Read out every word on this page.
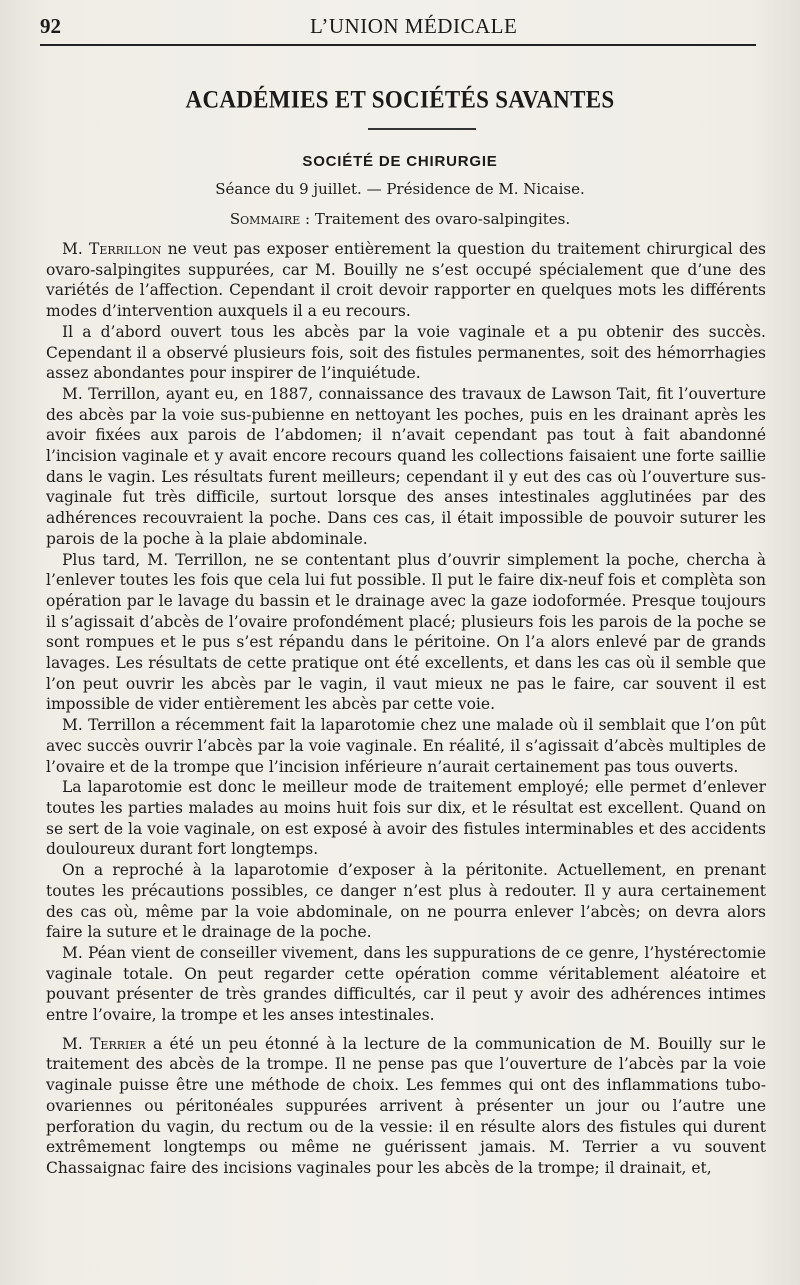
92	L’UNION MÉDICALE
ACADÉMIES ET SOCIÉTÉS SAVANTES
SOCIÉTÉ DE CHIRURGIE
Séance du 9 juillet. — Présidence de M. Nicaise.
Sommaire : Traitement des ovaro-salpingites.

M. Terrillon ne veut pas exposer entièrement la question du traitement chirurgical des ovaro-salpingites suppurées, car M. Bouilly ne s’est occupé spécialement que d’une des variétés de l’affection. Cependant il croit devoir rapporter en quelques mots les différents modes d’intervention auxquels il a eu recours.

Il a d’abord ouvert tous les abcès par la voie vaginale et a pu obtenir des succès. Cependant il a observé plusieurs fois, soit des fistules permanentes, soit des hémorrhagies assez abondantes pour inspirer de l’inquiétude.

M. Terrillon, ayant eu, en 1887, connaissance des travaux de Lawson Tait, fit l’ouverture des abcès par la voie sus-pubienne en nettoyant les poches, puis en les drainant après les avoir fixées aux parois de l’abdomen; il n’avait cependant pas tout à fait abandonné l’incision vaginale et y avait encore recours quand les collections faisaient une forte saillie dans le vagin. Les résultats furent meilleurs; cependant il y eut des cas où l’ouverture sus-vaginale fut très difficile, surtout lorsque des anses intestinales agglutinées par des adhérences recouvraient la poche. Dans ces cas, il était impossible de pouvoir suturer les parois de la poche à la plaie abdominale.

Plus tard, M. Terrillon, ne se contentant plus d’ouvrir simplement la poche, chercha à l’enlever toutes les fois que cela lui fut possible. Il put le faire dix-neuf fois et complèta son opération par le lavage du bassin et le drainage avec la gaze iodoformée. Presque toujours il s’agissait d’abcès de l’ovaire profondément placé; plusieurs fois les parois de la poche se sont rompues et le pus s’est répandu dans le péritoine. On l’a alors enlevé par de grands lavages. Les résultats de cette pratique ont été excellents, et dans les cas où il semble que l’on peut ouvrir les abcès par le vagin, il vaut mieux ne pas le faire, car souvent il est impossible de vider entièrement les abcès par cette voie.

M. Terrillon a récemment fait la laparotomie chez une malade où il semblait que l’on pût avec succès ouvrir l’abcès par la voie vaginale. En réalité, il s’agissait d’abcès multiples de l’ovaire et de la trompe que l’incision inférieure n’aurait certainement pas tous ouverts.

La laparotomie est donc le meilleur mode de traitement employé; elle permet d’enlever toutes les parties malades au moins huit fois sur dix, et le résultat est excellent. Quand on se sert de la voie vaginale, on est exposé à avoir des fistules interminables et des accidents douloureux durant fort longtemps.

On a reproché à la laparotomie d’exposer à la péritonite. Actuellement, en prenant toutes les précautions possibles, ce danger n’est plus à redouter. Il y aura certainement des cas où, même par la voie abdominale, on ne pourra enlever l’abcès; on devra alors faire la suture et le drainage de la poche.

M. Péan vient de conseiller vivement, dans les suppurations de ce genre, l’hystérectomie vaginale totale. On peut regarder cette opération comme véritablement aléatoire et pouvant présenter de très grandes difficultés, car il peut y avoir des adhérences intimes entre l’ovaire, la trompe et les anses intestinales.

M. Terrier a été un peu étonné à la lecture de la communication de M. Bouilly sur le traitement des abcès de la trompe. Il ne pense pas que l’ouverture de l’abcès par la voie vaginale puisse être une méthode de choix. Les femmes qui ont des inflammations tubo-ovariennes ou péritonéales suppurées arrivent à présenter un jour ou l’autre une perforation du vagin, du rectum ou de la vessie: il en résulte alors des fistules qui durent extrêmement longtemps ou même ne guérissent jamais. M. Terrier a vu souvent Chassaignac faire des incisions vaginales pour les abcès de la trompe; il drainait, et,
